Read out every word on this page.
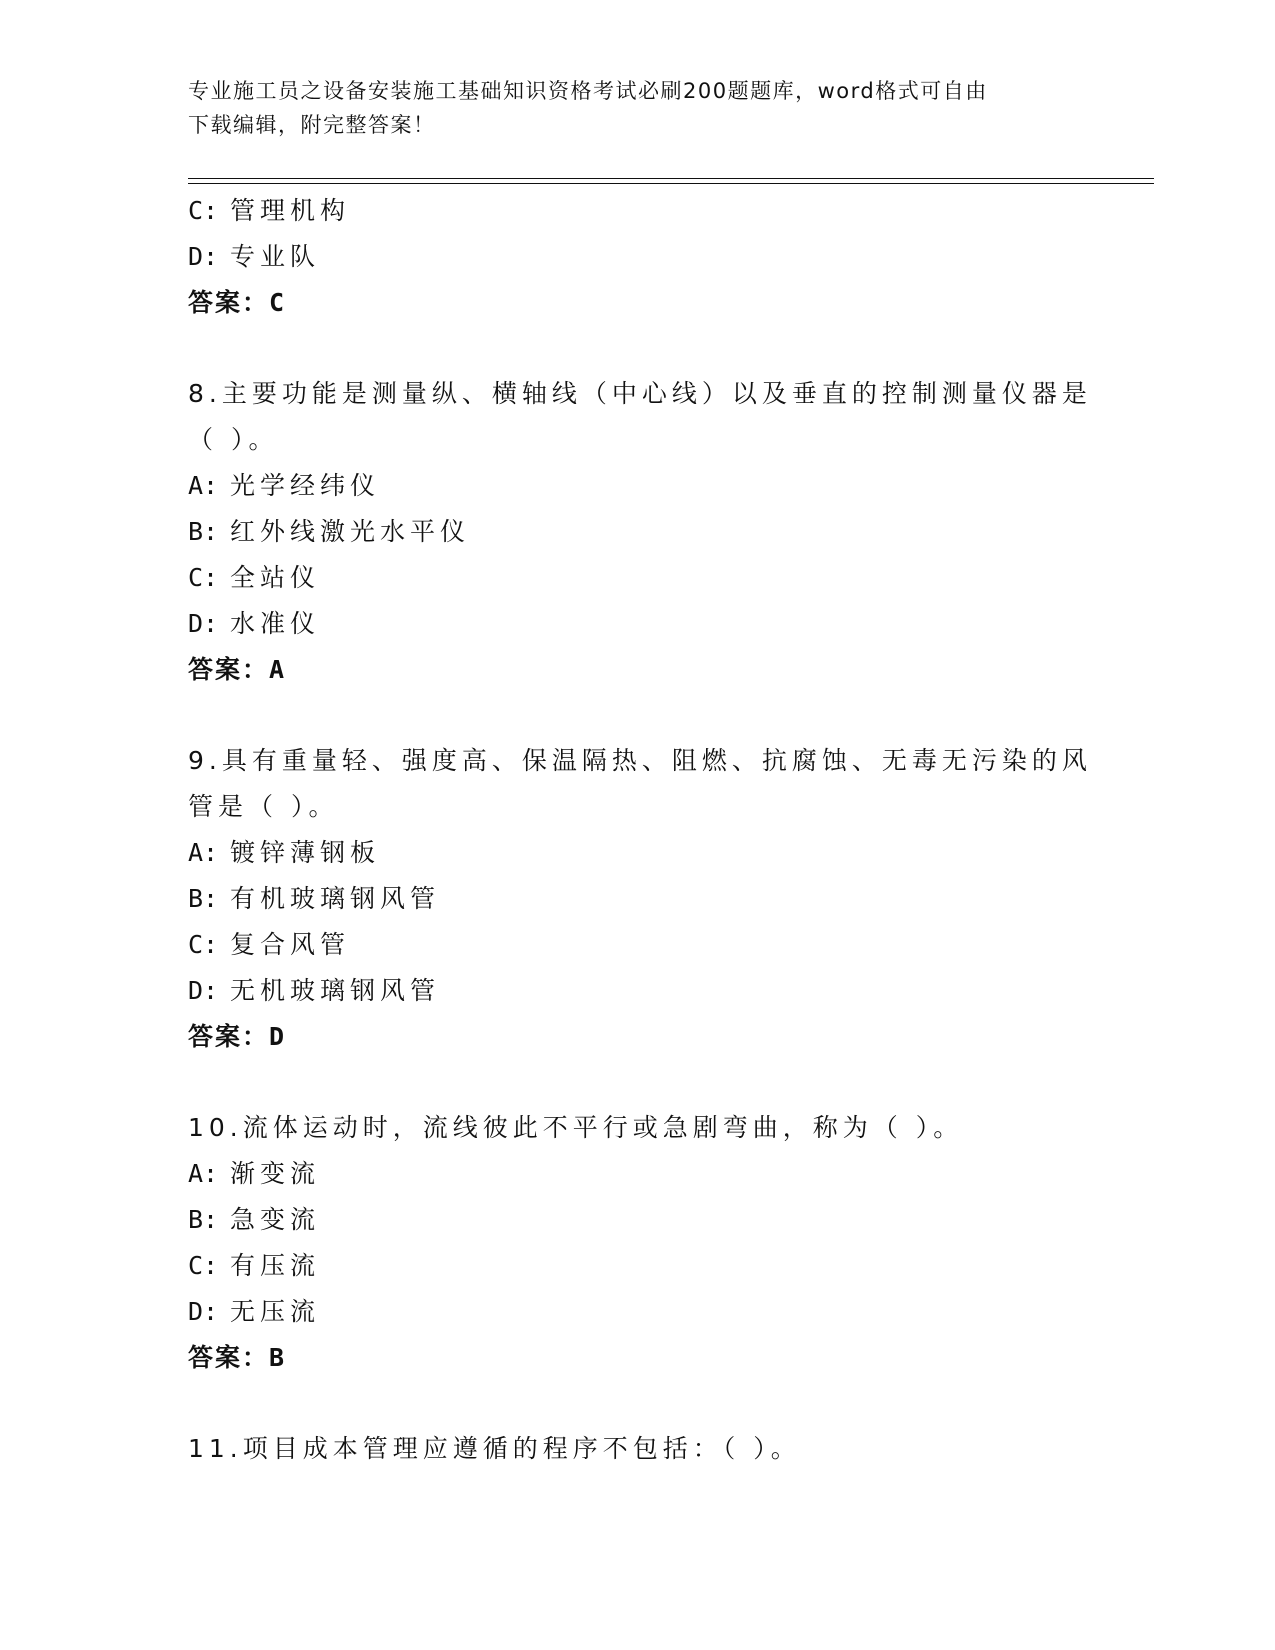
专业施工员之设备安装施工基础知识资格考试必刷200题题库，word格式可自由
下载编辑，附完整答案！
C: 管理机构
D: 专业队
答案：C
8.主要功能是测量纵、横轴线（中心线）以及垂直的控制测量仪器是
（ ）。
A: 光学经纬仪
B: 红外线激光水平仪
C: 全站仪
D: 水准仪
答案：A
9.具有重量轻、强度高、保温隔热、阻燃、抗腐蚀、无毒无污染的风
管是（ ）。
A: 镀锌薄钢板
B: 有机玻璃钢风管
C: 复合风管
D: 无机玻璃钢风管
答案：D
10.流体运动时，流线彼此不平行或急剧弯曲，称为（ ）。
A: 渐变流
B: 急变流
C: 有压流
D: 无压流
答案：B
11.项目成本管理应遵循的程序不包括：（ ）。
